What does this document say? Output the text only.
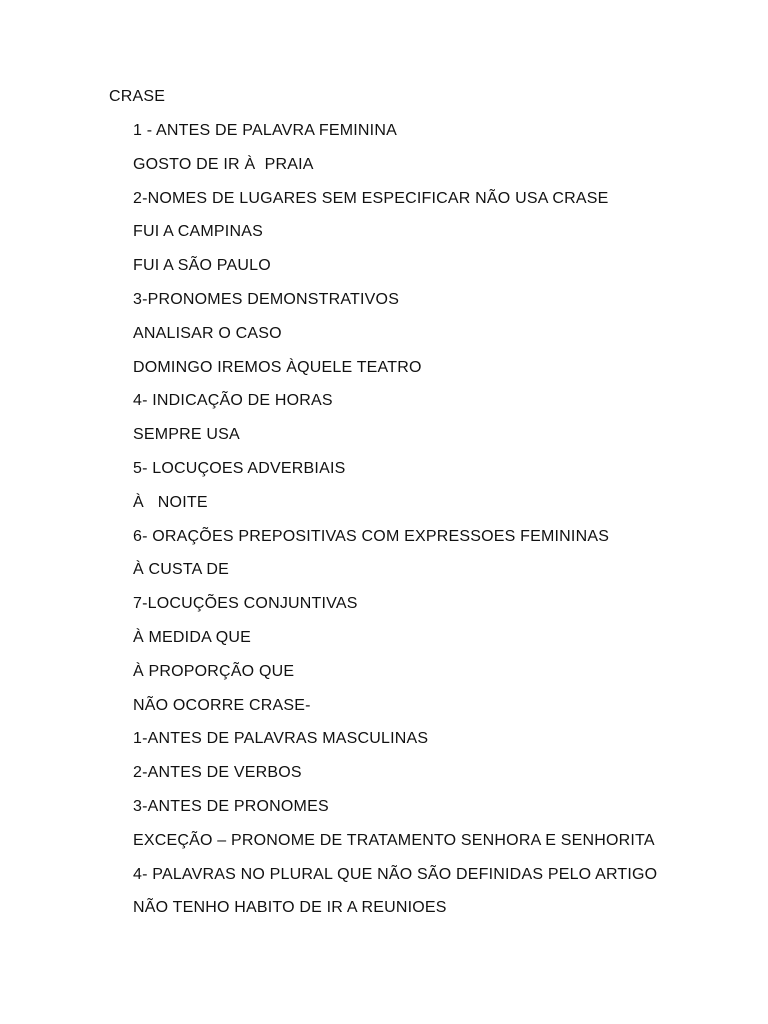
CRASE
1 - ANTES DE PALAVRA FEMININA
GOSTO DE IR À  PRAIA
2-NOMES DE LUGARES SEM ESPECIFICAR NÃO USA CRASE
FUI A CAMPINAS
FUI A SÃO PAULO
3-PRONOMES DEMONSTRATIVOS
ANALISAR O CASO
DOMINGO IREMOS ÀQUELE TEATRO
4- INDICAÇÃO DE HORAS
SEMPRE USA
5- LOCUÇOES ADVERBIAIS
À   NOITE
6- ORAÇÕES PREPOSITIVAS COM EXPRESSOES FEMININAS
À CUSTA DE
7-LOCUÇÕES CONJUNTIVAS
À MEDIDA QUE
À PROPORÇÃO QUE
NÃO OCORRE CRASE-
1-ANTES DE PALAVRAS MASCULINAS
2-ANTES DE VERBOS
3-ANTES DE PRONOMES
EXCEÇÃO – PRONOME DE TRATAMENTO SENHORA E SENHORITA
4- PALAVRAS NO PLURAL QUE NÃO SÃO DEFINIDAS PELO ARTIGO
NÃO TENHO HABITO DE IR A REUNIOES
